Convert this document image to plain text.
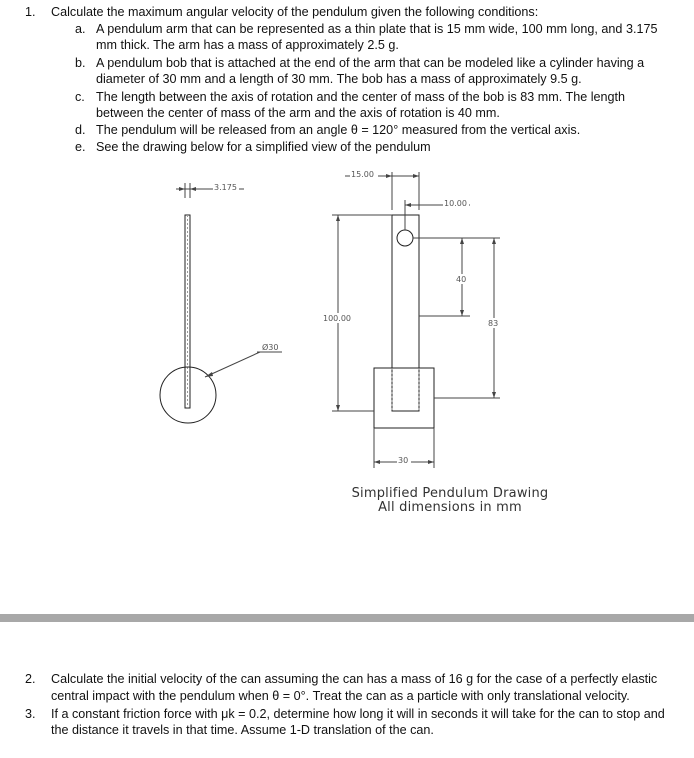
1. Calculate the maximum angular velocity of the pendulum given the following conditions:
a. A pendulum arm that can be represented as a thin plate that is 15 mm wide, 100 mm long, and 3.175
mm thick. The arm has a mass of approximately 2.5 g.
b. A pendulum bob that is attached at the end of the arm that can be modeled like a cylinder having a
diameter of 30 mm and a length of 30 mm. The bob has a mass of approximately 9.5 g.
c. The length between the axis of rotation and the center of mass of the bob is 83 mm. The length
between the center of mass of the arm and the axis of rotation is 40 mm.
d. The pendulum will be released from an angle θ = 120° measured from the vertical axis.
e. See the drawing below for a simplified view of the pendulum
3.175
Ø30
15.00
10.00
40
100.00
83
30
Simplified Pendulum Drawing
All dimensions in mm
2. Calculate the initial velocity of the can assuming the can has a mass of 16 g for the case of a perfectly elastic
central impact with the pendulum when θ = 0°. Treat the can as a particle with only translational velocity.
3. If a constant friction force with μk = 0.2, determine how long it will in seconds it will take for the can to stop and
the distance it travels in that time. Assume 1-D translation of the can.
